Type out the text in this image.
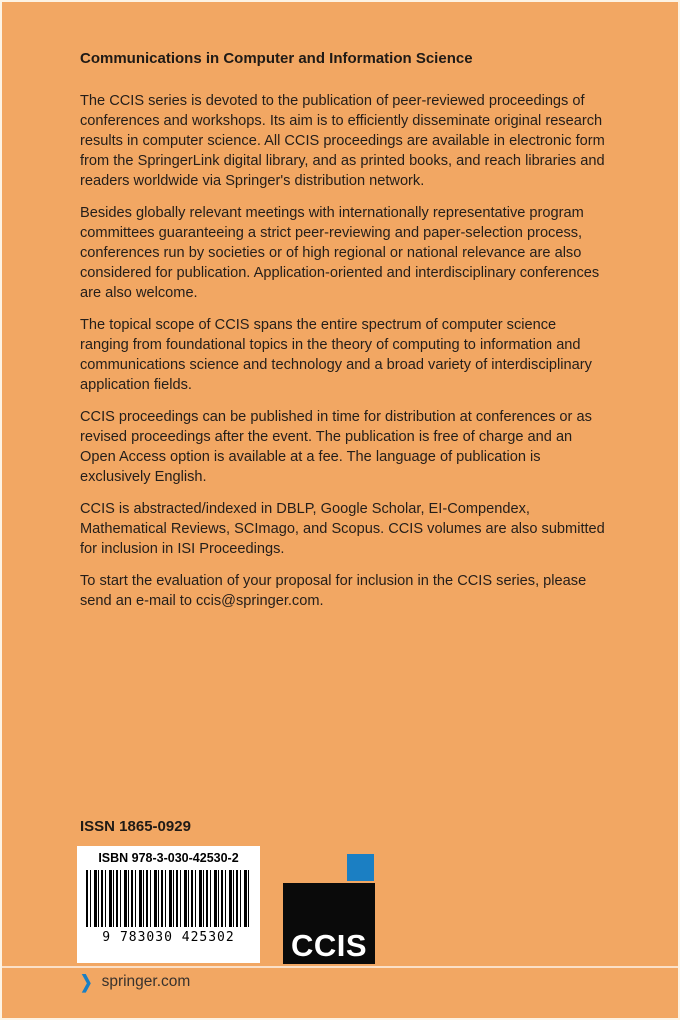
Communications in Computer and Information Science

The CCIS series is devoted to the publication of peer-reviewed proceedings of conferences and workshops. Its aim is to efficiently disseminate original research results in computer science. All CCIS proceedings are available in electronic form from the SpringerLink digital library, and as printed books, and reach libraries and readers worldwide via Springer's distribution network.

Besides globally relevant meetings with internationally representative program committees guaranteeing a strict peer-reviewing and paper-selection process, conferences run by societies or of high regional or national relevance are also considered for publication. Application-oriented and interdisciplinary conferences are also welcome.

The topical scope of CCIS spans the entire spectrum of computer science ranging from foundational topics in the theory of computing to information and communications science and technology and a broad variety of interdisciplinary application fields.

CCIS proceedings can be published in time for distribution at conferences or as revised proceedings after the event. The publication is free of charge and an Open Access option is available at a fee. The language of publication is exclusively English.

CCIS is abstracted/indexed in DBLP, Google Scholar, EI-Compendex, Mathematical Reviews, SCImago, and Scopus. CCIS volumes are also submitted for inclusion in ISI Proceedings.

To start the evaluation of your proposal for inclusion in the CCIS series, please send an e-mail to ccis@springer.com.

ISSN 1865-0929
ISBN 978-3-030-42530-2
9 783030 425302	CCIS
❯ springer.com
